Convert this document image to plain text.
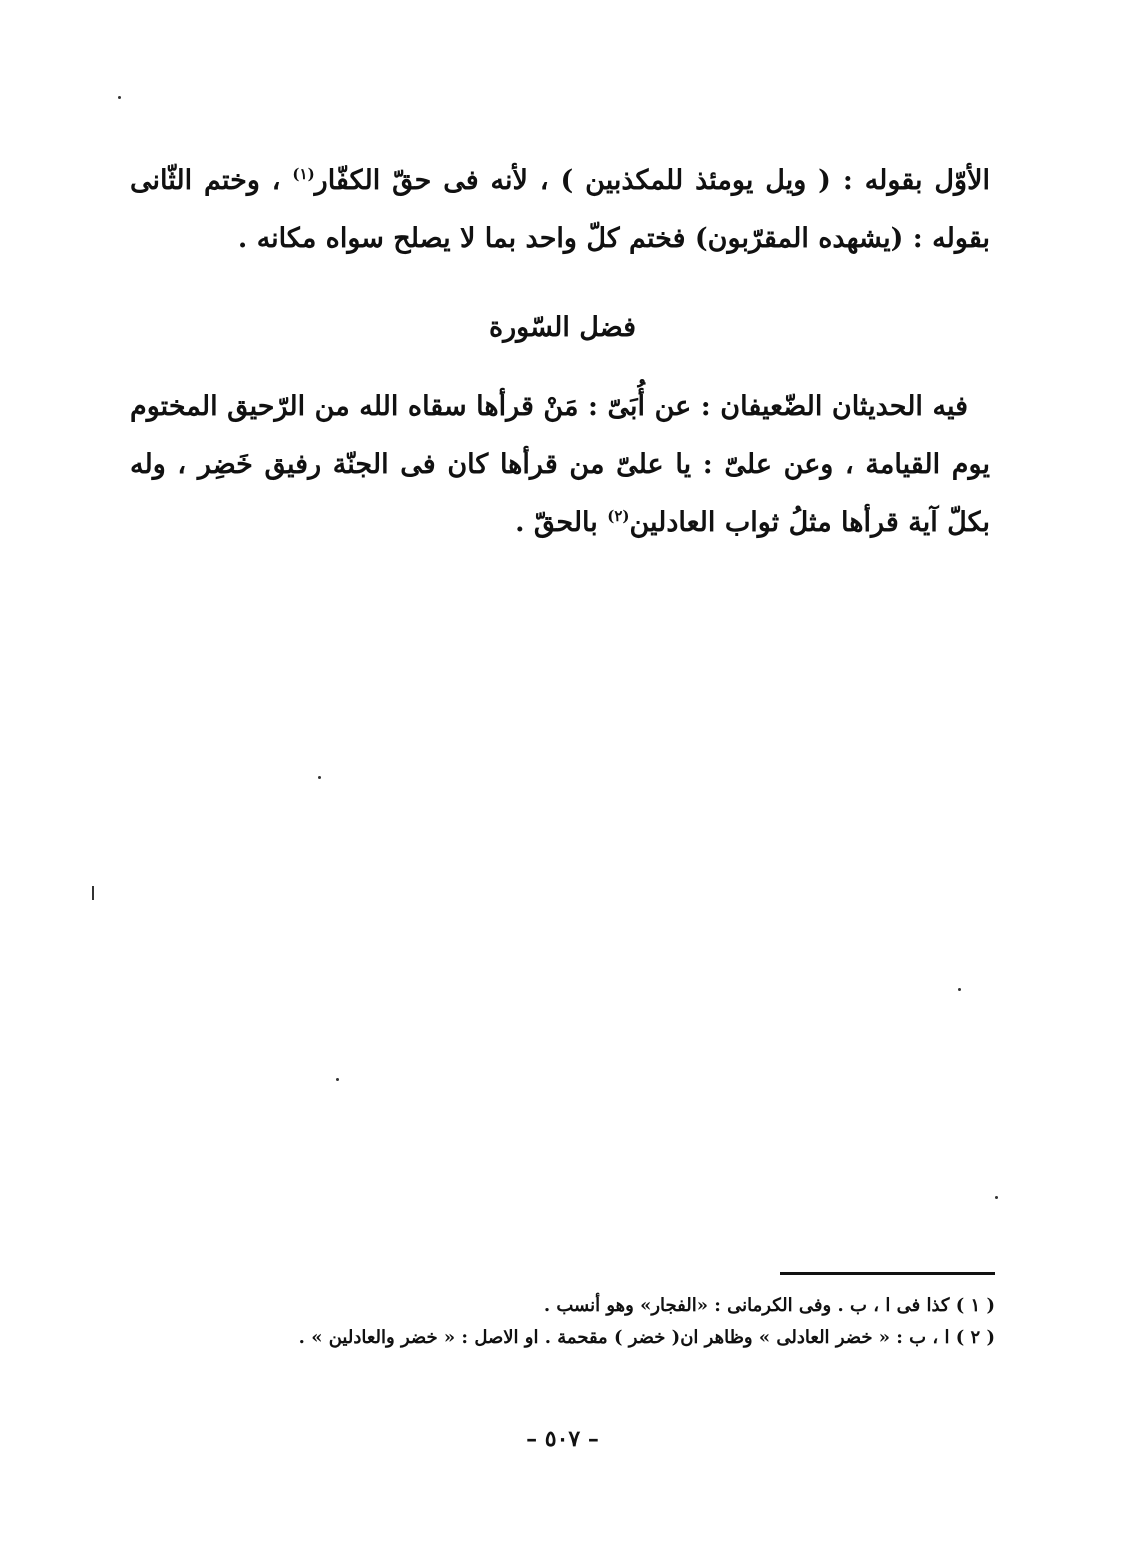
الأوّل بقوله : ( ويل يومئذ للمكذبين ) ، لأنه فى حقّ الكفّار$^{(١)}$ ، وختم الثّانى بقوله : (يشهده المقرّبون) فختم كلّ واحد بما لا يصلح سواه مكانه .
فضل السّورة
فيه الحديثان الضّعيفان : عن أُبَىّ : مَنْ قرأها سقاه الله من الرّحيق المختوم يوم القيامة ، وعن علىّ : يا علىّ من قرأها كان فى الجنّة رفيق خَضِر ، وله بكلّ آية قرأها مثلُ ثواب العادلين$^{(٢)}$ بالحقّ .

( ١ ) كذا فى ا ، ب . وفى الكرمانى : «الفجار» وهو أنسب .

( ٢ ) ا ، ب : « خضر العادلى » وظاهر ان( خضر ) مقحمة . او الاصل : « خضر والعادلين » .

– ٥٠٧ –
